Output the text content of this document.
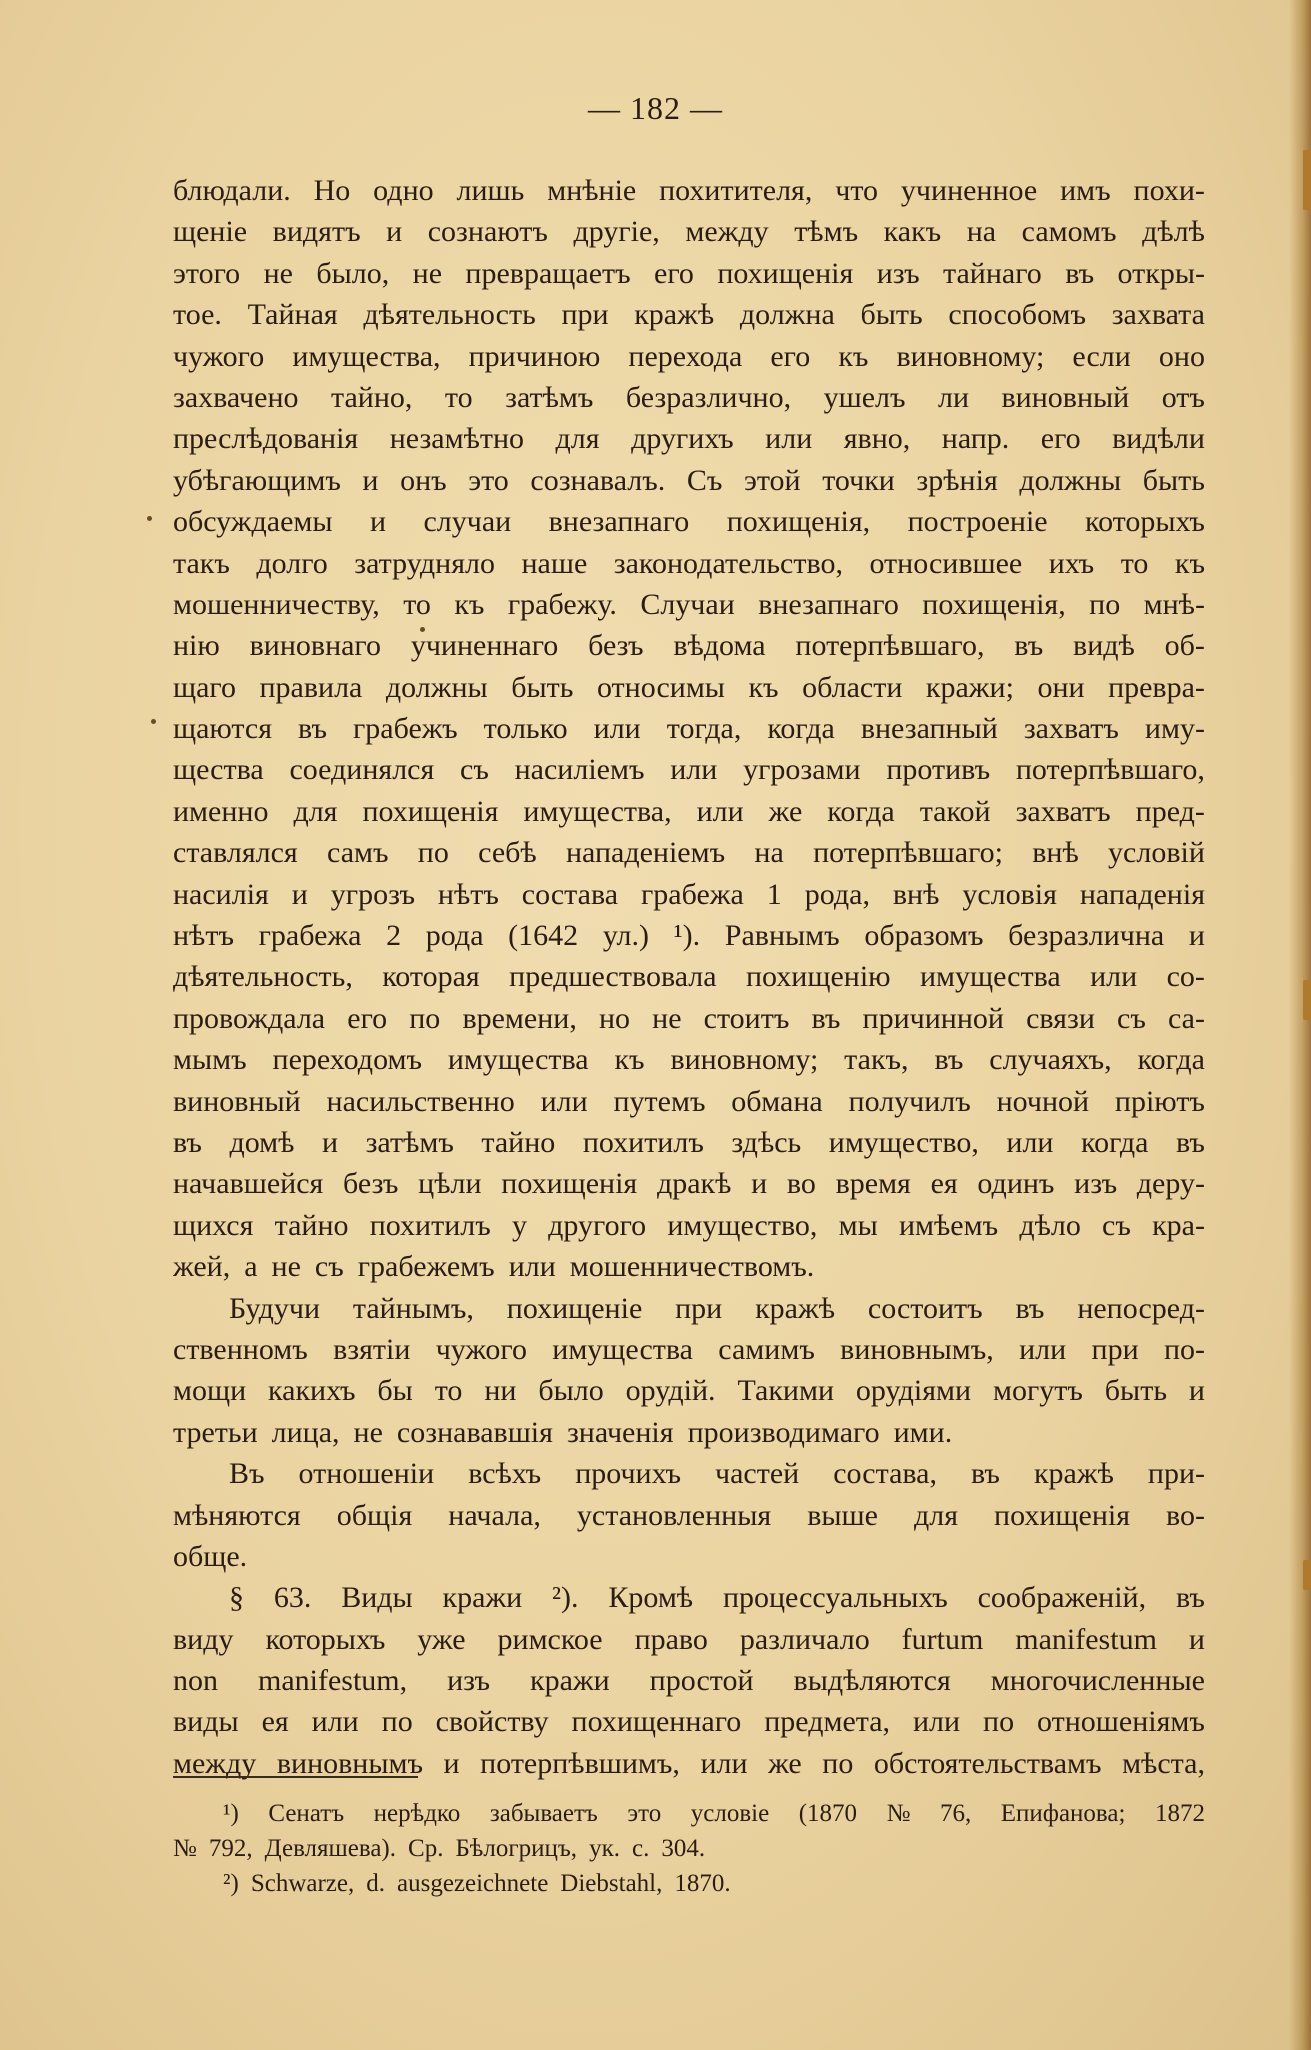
— 182 —
блюдали. Но одно лишь мнѣніе похитителя, что учиненное имъ похи-
щеніе видятъ и сознаютъ другіе, между тѣмъ какъ на самомъ дѣлѣ
этого не было, не превращаетъ его похищенія изъ тайнаго въ откры-
тое. Тайная дѣятельность при кражѣ должна быть способомъ захвата
чужого имущества, причиною перехода его къ виновному; если оно
захвачено тайно, то затѣмъ безразлично, ушелъ ли виновный отъ
преслѣдованія незамѣтно для другихъ или явно, напр. его видѣли
убѣгающимъ и онъ это сознавалъ. Съ этой точки зрѣнія должны быть
обсуждаемы и случаи внезапнаго похищенія, построеніе которыхъ
такъ долго затрудняло наше законодательство, относившее ихъ то къ
мошенничеству, то къ грабежу. Случаи внезапнаго похищенія, по мнѣ-
нію виновнаго учиненнаго безъ вѣдома потерпѣвшаго, въ видѣ об-
щаго правила должны быть относимы къ области кражи; они превра-
щаются въ грабежъ только или тогда, когда внезапный захватъ иму-
щества соединялся съ насиліемъ или угрозами противъ потерпѣвшаго,
именно для похищенія имущества, или же когда такой захватъ пред-
ставлялся самъ по себѣ нападеніемъ на потерпѣвшаго; внѣ условій
насилія и угрозъ нѣтъ состава грабежа 1 рода, внѣ условія нападенія
нѣтъ грабежа 2 рода (1642 ул.) ¹). Равнымъ образомъ безразлична и
дѣятельность, которая предшествовала похищенію имущества или со-
провождала его по времени, но не стоитъ въ причинной связи съ са-
мымъ переходомъ имущества къ виновному; такъ, въ случаяхъ, когда
виновный насильственно или путемъ обмана получилъ ночной пріютъ
въ домѣ и затѣмъ тайно похитилъ здѣсь имущество, или когда въ
начавшейся безъ цѣли похищенія дракѣ и во время ея одинъ изъ деру-
щихся тайно похитилъ у другого имущество, мы имѣемъ дѣло съ кра-
жей, а не съ грабежемъ или мошенничествомъ.
Будучи тайнымъ, похищеніе при кражѣ состоитъ въ непосред-
ственномъ взятіи чужого имущества самимъ виновнымъ, или при по-
мощи какихъ бы то ни было орудій. Такими орудіями могутъ быть и
третьи лица, не сознававшія значенія производимаго ими.
Въ отношеніи всѣхъ прочихъ частей состава, въ кражѣ при-
мѣняются общія начала, установленныя выше для похищенія во-
обще.
§ 63. Виды кражи ²). Кромѣ процессуальныхъ соображеній, въ
виду которыхъ уже римское право различало furtum manifestum и
non manifestum, изъ кражи простой выдѣляются многочисленные
виды ея или по свойству похищеннаго предмета, или по отношеніямъ
между виновнымъ и потерпѣвшимъ, или же по обстоятельствамъ мѣста,
¹) Сенатъ нерѣдко забываетъ это условіе (1870 № 76, Епифанова; 1872
№ 792, Девляшева). Ср. Бѣлогрицъ, ук. с. 304.
²) Schwarze, d. ausgezeichnete Diebstahl, 1870.
